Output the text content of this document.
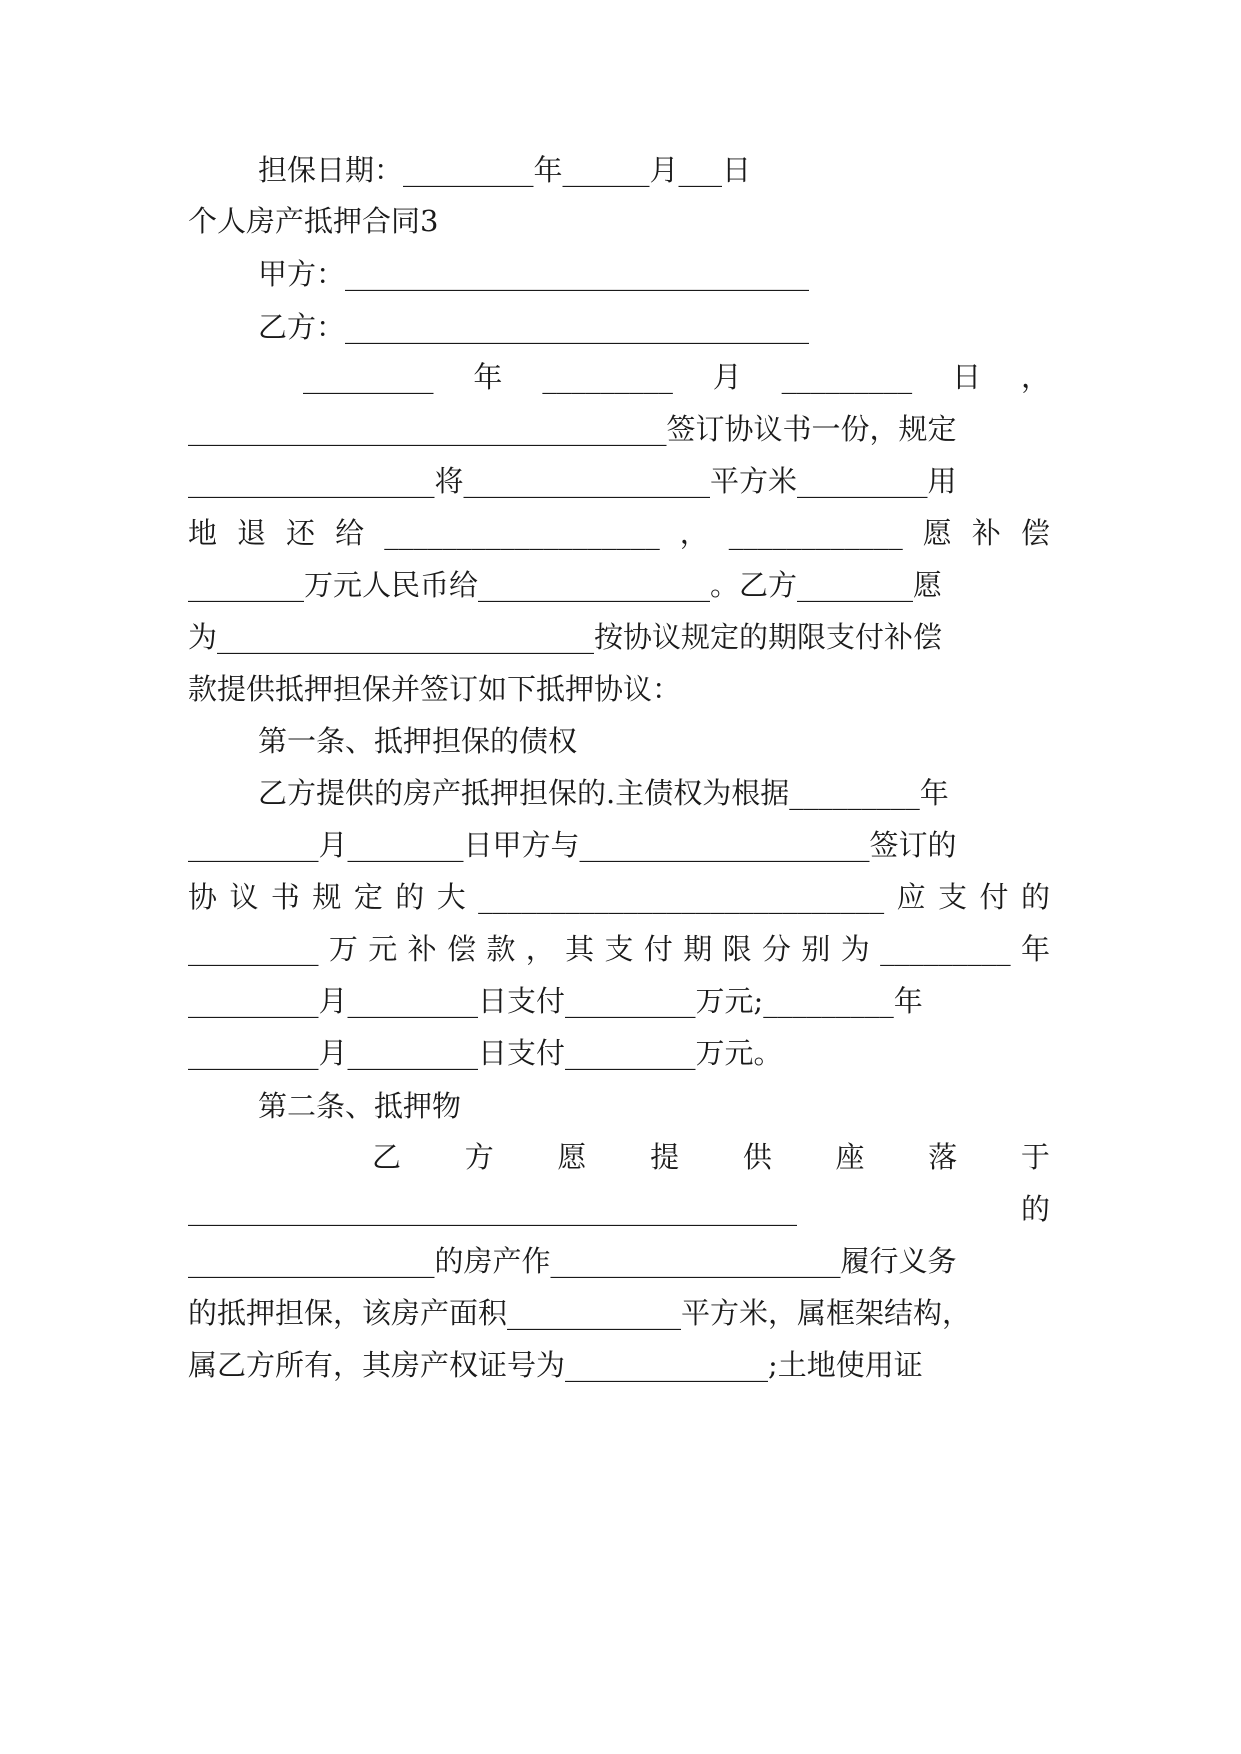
担保日期：_________年______月___日
个人房产抵押合同3
甲方：________________________________
乙方：________________________________
_________ 年 _________ 月 _________ 日 ，
_________________________________签订协议书一份，规定
_________________将_________________平方米_________用
地 退 还 给 ___________________ ， ____________ 愿 补 偿
________万元人民币给________________。乙方________愿
为__________________________按协议规定的期限支付补偿
款提供抵押担保并签订如下抵押协议：
第一条、抵押担保的债权
乙方提供的房产抵押担保的.主债权为根据_________年
_________月________日甲方与____________________签订的
协 议 书 规 定 的 大 ____________________________ 应 支 付 的
_________ 万 元 补 偿 款 ， 其 支 付 期 限 分 别 为 _________ 年
_________月_________日支付_________万元;_________年
_________月_________日支付_________万元。
第二条、抵押物
乙 方 愿 提 供 座 落 于
__________________________________________	的
_________________的房产作____________________履行义务
的抵押担保，该房产面积____________平方米，属框架结构，
属乙方所有，其房产权证号为______________;土地使用证
